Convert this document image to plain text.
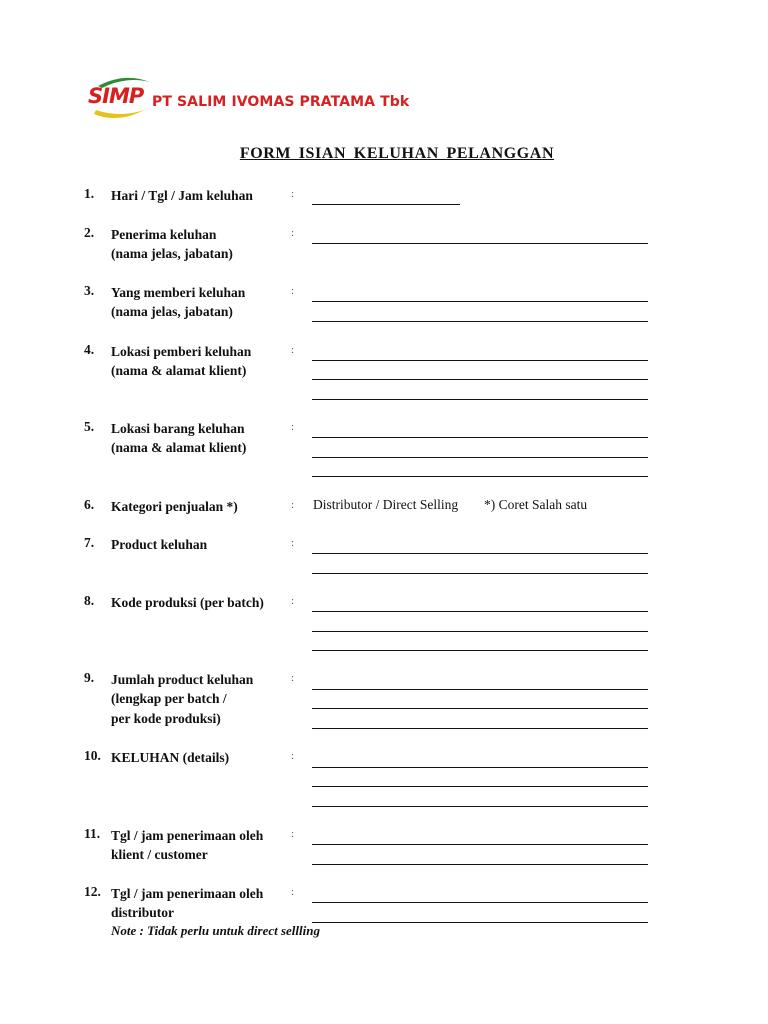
SIMP PT SALIM IVOMAS PRATAMA Tbk
FORM ISIAN KELUHAN PELANGGAN
1. Hari / Tgl / Jam keluhan	:
2. Penerima keluhan
(nama jelas, jabatan)
:
3. Yang memberi keluhan
(nama jelas, jabatan)
:
4. Lokasi pemberi keluhan
(nama & alamat klient)
:
5. Lokasi barang keluhan
(nama & alamat klient)
:
6. Kategori penjualan *)	: Distributor / Direct Selling *) Coret Salah satu
7. Product keluhan	:
8. Kode produksi (per batch) :
9. Jumlah product keluhan
(lengkap per batch /
per kode produksi)
:
10. KELUHAN (details)	:
11. Tgl / jam penerimaan oleh
klient / customer
:
12. Tgl / jam penerimaan oleh
distributor
:
Note : Tidak perlu untuk direct sellling
